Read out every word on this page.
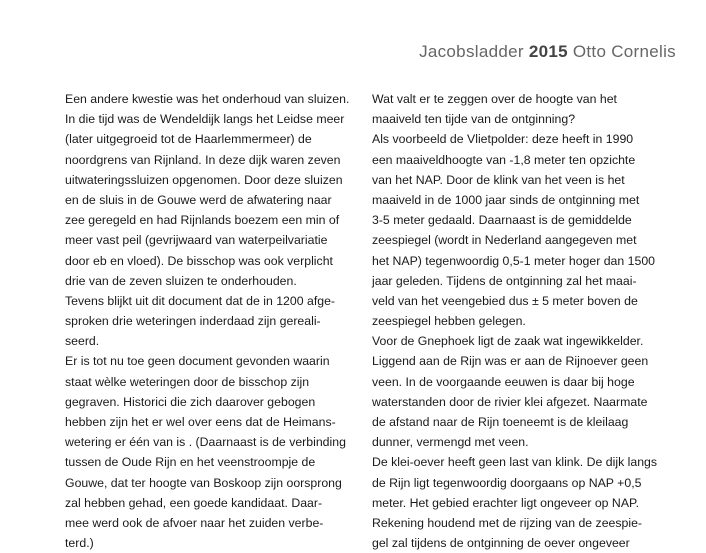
Jacobsladder 2015 Otto Cornelis
Een andere kwestie was het onderhoud van sluizen.
In die tijd was de Wendeldijk langs het Leidse meer
(later uitgegroeid tot de Haarlemmermeer) de
noordgrens van Rijnland. In deze dijk waren zeven
uitwateringssluizen opgenomen. Door deze sluizen
en de sluis in de Gouwe werd de afwatering naar
zee geregeld en had Rijnlands boezem een min of
meer vast peil (gevrijwaard van waterpeilvariatie
door eb en vloed). De bisschop was ook verplicht
drie van de zeven sluizen te onderhouden.
Tevens blijkt uit dit document dat de in 1200 afge-
sproken drie weteringen inderdaad zijn gereali-
seerd.
Er is tot nu toe geen document gevonden waarin
staat wèlke weteringen door de bisschop zijn
gegraven. Historici die zich daarover gebogen
hebben zijn het er wel over eens dat de Heimans-
wetering er één van is . (Daarnaast is de verbinding
tussen de Oude Rijn en het veenstroompje de
Gouwe, dat ter hoogte van Boskoop zijn oorsprong
zal hebben gehad, een goede kandidaat. Daar-
mee werd ook de afvoer naar het zuiden verbe-
terd.)
Wat valt er te zeggen over de hoogte van het
maaiveld ten tijde van de ontginning?
Als voorbeeld de Vlietpolder: deze heeft in 1990
een maaiveldhoogte van -1,8 meter ten opzichte
van het NAP. Door de klink van het veen is het
maaiveld in de 1000 jaar sinds de ontginning met
3-5 meter gedaald. Daarnaast is de gemiddelde
zeespiegel (wordt in Nederland aangegeven met
het NAP) tegenwoordig 0,5-1 meter hoger dan 1500
jaar geleden. Tijdens de ontginning zal het maai-
veld van het veengebied dus ± 5 meter boven de
zeespiegel hebben gelegen.
Voor de Gnephoek ligt de zaak wat ingewikkelder.
Liggend aan de Rijn was er aan de Rijnoever geen
veen. In de voorgaande eeuwen is daar bij hoge
waterstanden door de rivier klei afgezet. Naarmate
de afstand naar de Rijn toeneemt is de kleilaag
dunner, vermengd met veen.
De klei-oever heeft geen last van klink. De dijk langs
de Rijn ligt tegenwoordig doorgaans op NAP +0,5
meter. Het gebied erachter ligt ongeveer op NAP.
Rekening houdend met de rijzing van de zeespie-
gel zal tijdens de ontginning de oever ongeveer
